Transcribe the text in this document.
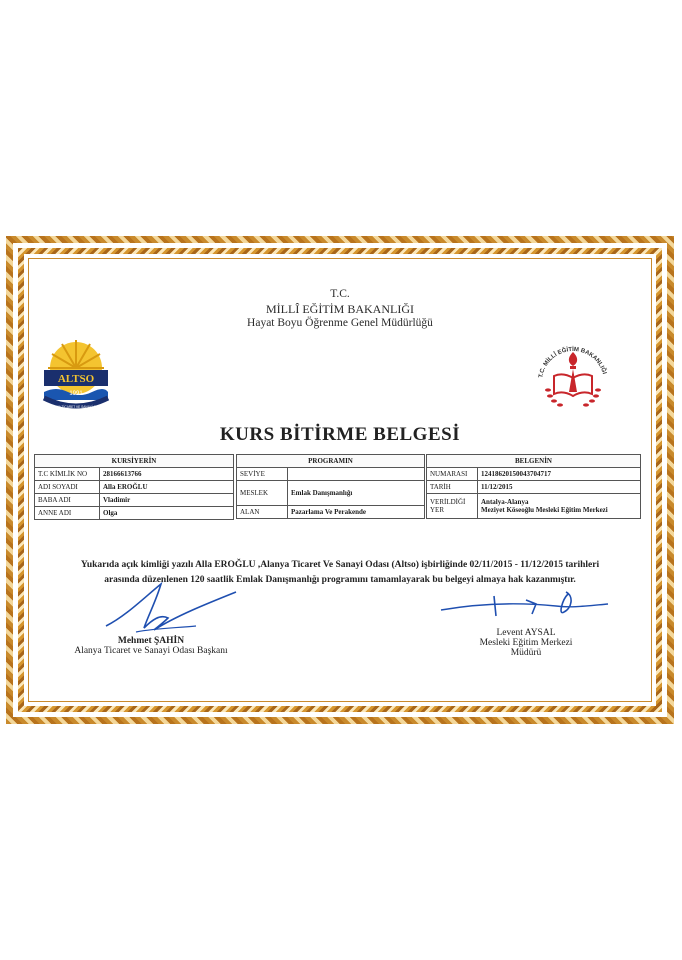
T.C.
MİLLÎ EĞİTİM BAKANLIĞI
Hayat Boyu Öğrenme Genel Müdürlüğü
ALTSO
1991
ALANYA TİCARET VE SANAYİ ODASI
T.C. MİLLÎ EĞİTİM BAKANLIĞI
KURS BİTİRME BELGESİ
KURSİYERİN	
T.C KİMLİK NO	28166613766
ADI SOYADI	Alla EROĞLU
BABA ADI	Vladimir
ANNE ADI	Olga
PROGRAMIN	
SEVİYE	
MESLEK	Emlak Danışmanlığı
ALAN	Pazarlama Ve Perakende
BELGENİN	
NUMARASI	12418620150043704717
TARİH	11/12/2015
VERİLDİĞİ YER	Antalya-Alanya
Meziyet Köseoğlu Mesleki Eğitim Merkezi
Yukarıda açık kimliği yazılı Alla EROĞLU ,Alanya Ticaret Ve Sanayi Odası (Altso) işbirliğinde 02/11/2015 - 11/12/2015 tarihleri
arasında düzenlenen 120 saatlik Emlak Danışmanlığı programını tamamlayarak bu belgeyi almaya hak kazanmıştır.
Mehmet ŞAHİN
Alanya Ticaret ve Sanayi Odası Başkanı
Levent AYSAL
Mesleki Eğitim Merkezi
Müdürü
